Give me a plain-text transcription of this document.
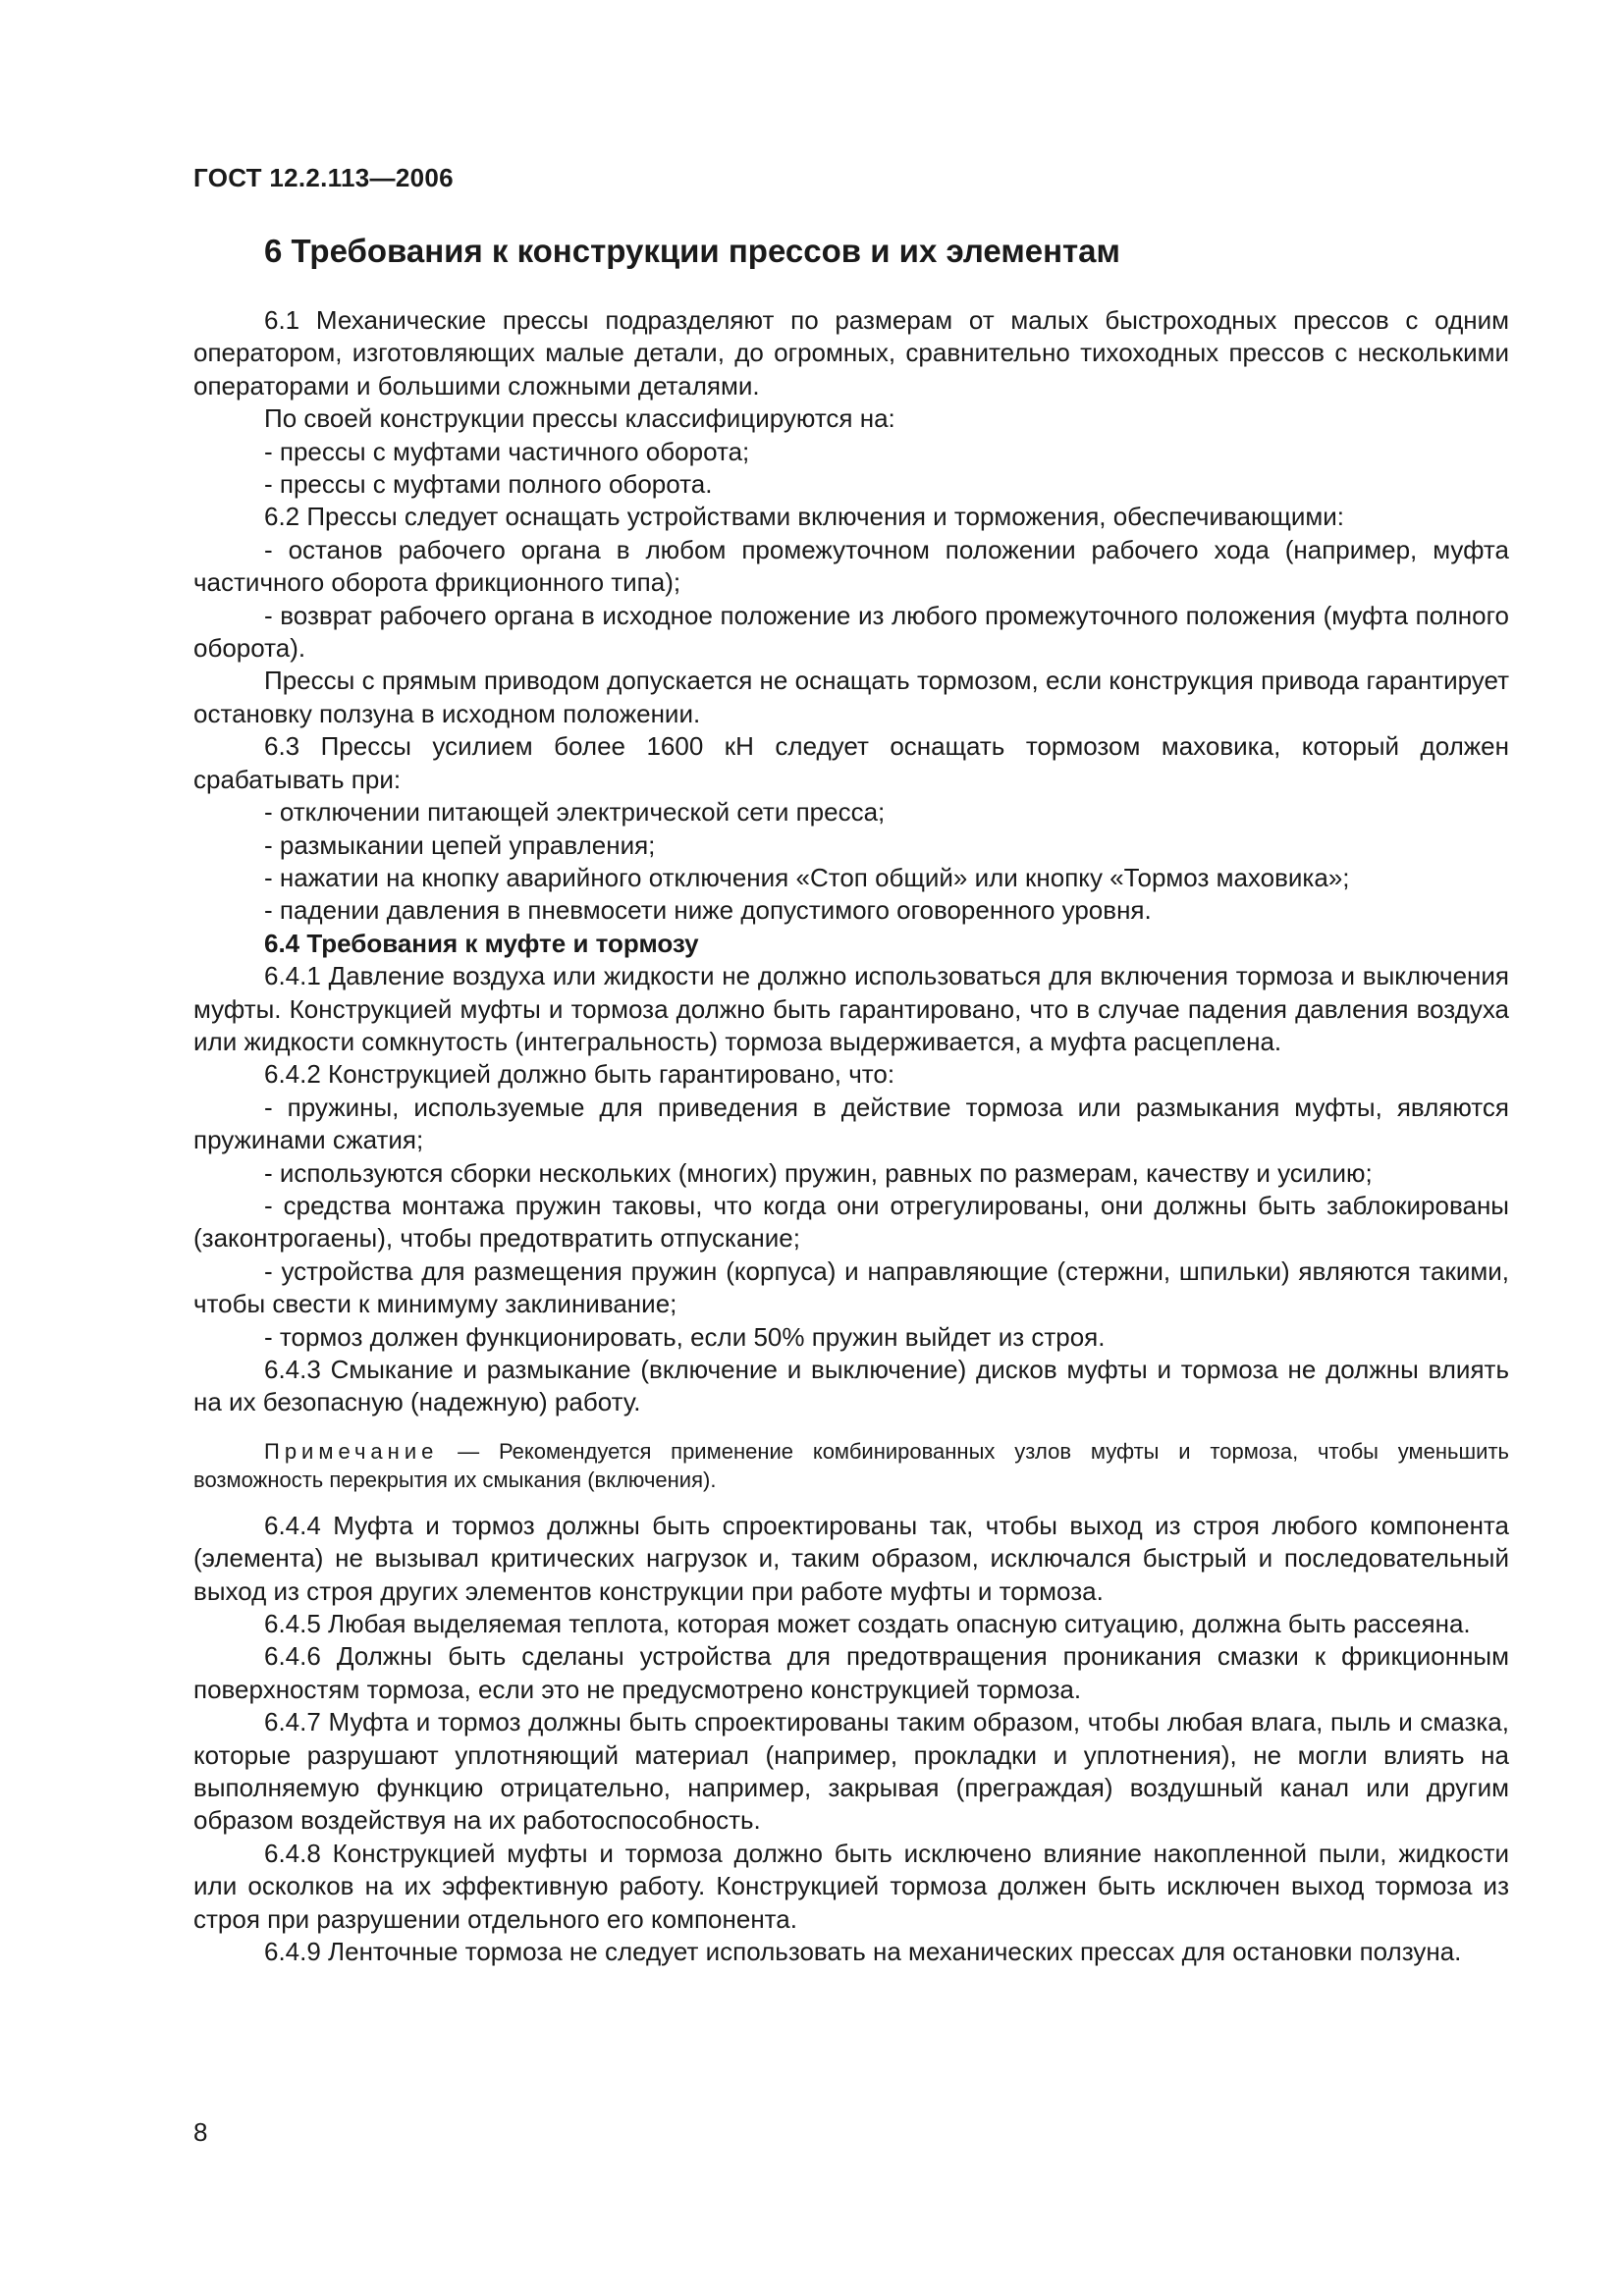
ГОСТ 12.2.113—2006
6 Требования к конструкции прессов и их элементам

6.1 Механические прессы подразделяют по размерам от малых быстроходных прессов с одним оператором, изготовляющих малые детали, до огромных, сравнительно тихоходных прессов с несколькими операторами и большими сложными деталями.

По своей конструкции прессы классифицируются на:

- прессы с муфтами частичного оборота;

- прессы с муфтами полного оборота.

6.2 Прессы следует оснащать устройствами включения и торможения, обеспечивающими:

- останов рабочего органа в любом промежуточном положении рабочего хода (например, муфта частичного оборота фрикционного типа);

- возврат рабочего органа в исходное положение из любого промежуточного положения (муфта полного оборота).

Прессы с прямым приводом допускается не оснащать тормозом, если конструкция привода гарантирует остановку ползуна в исходном положении.

6.3 Прессы усилием более 1600 кН следует оснащать тормозом маховика, который должен срабатывать при:

- отключении питающей электрической сети пресса;

- размыкании цепей управления;

- нажатии на кнопку аварийного отключения «Стоп общий» или кнопку «Тормоз маховика»;

- падении давления в пневмосети ниже допустимого оговоренного уровня.

6.4 Требования к муфте и тормозу

6.4.1 Давление воздуха или жидкости не должно использоваться для включения тормоза и выключения муфты. Конструкцией муфты и тормоза должно быть гарантировано, что в случае падения давления воздуха или жидкости сомкнутость (интегральность) тормоза выдерживается, а муфта расцеплена.

6.4.2 Конструкцией должно быть гарантировано, что:

- пружины, используемые для приведения в действие тормоза или размыкания муфты, являются пружинами сжатия;

- используются сборки нескольких (многих) пружин, равных по размерам, качеству и усилию;

- средства монтажа пружин таковы, что когда они отрегулированы, они должны быть заблокированы (законтрогаены), чтобы предотвратить отпускание;

- устройства для размещения пружин (корпуса) и направляющие (стержни, шпильки) являются такими, чтобы свести к минимуму заклинивание;

- тормоз должен функционировать, если 50% пружин выйдет из строя.

6.4.3 Смыкание и размыкание (включение и выключение) дисков муфты и тормоза не должны влиять на их безопасную (надежную) работу.

Примечание — Рекомендуется применение комбинированных узлов муфты и тормоза, чтобы уменьшить возможность перекрытия их смыкания (включения).

6.4.4 Муфта и тормоз должны быть спроектированы так, чтобы выход из строя любого компонента (элемента) не вызывал критических нагрузок и, таким образом, исключался быстрый и последовательный выход из строя других элементов конструкции при работе муфты и тормоза.

6.4.5 Любая выделяемая теплота, которая может создать опасную ситуацию, должна быть рассеяна.

6.4.6 Должны быть сделаны устройства для предотвращения проникания смазки к фрикционным поверхностям тормоза, если это не предусмотрено конструкцией тормоза.

6.4.7 Муфта и тормоз должны быть спроектированы таким образом, чтобы любая влага, пыль и смазка, которые разрушают уплотняющий материал (например, прокладки и уплотнения), не могли влиять на выполняемую функцию отрицательно, например, закрывая (преграждая) воздушный канал или другим образом воздействуя на их работоспособность.

6.4.8 Конструкцией муфты и тормоза должно быть исключено влияние накопленной пыли, жидкости или осколков на их эффективную работу. Конструкцией тормоза должен быть исключен выход тормоза из строя при разрушении отдельного его компонента.

6.4.9 Ленточные тормоза не следует использовать на механических прессах для остановки ползуна.

8
